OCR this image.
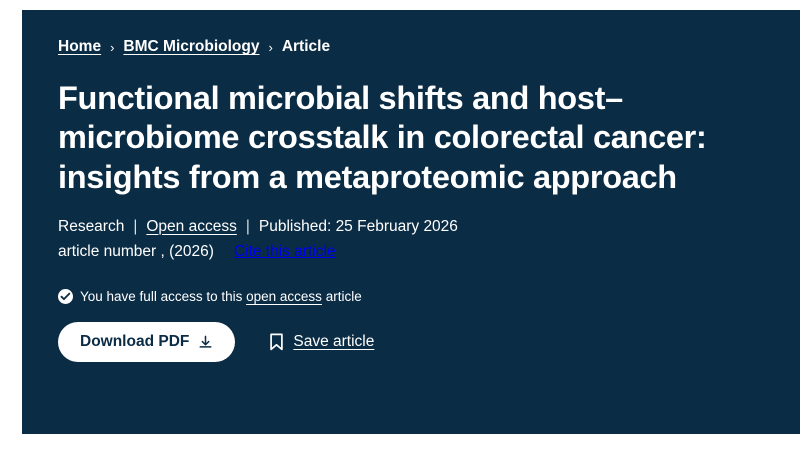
Home › BMC Microbiology › Article
Functional microbial shifts and host–microbiome crosstalk in colorectal cancer: insights from a metaproteomic approach
Research | Open access | Published: 25 February 2026
article number , (2026) Cite this article
You have full access to this
open access
article
Download PDF	Save article
